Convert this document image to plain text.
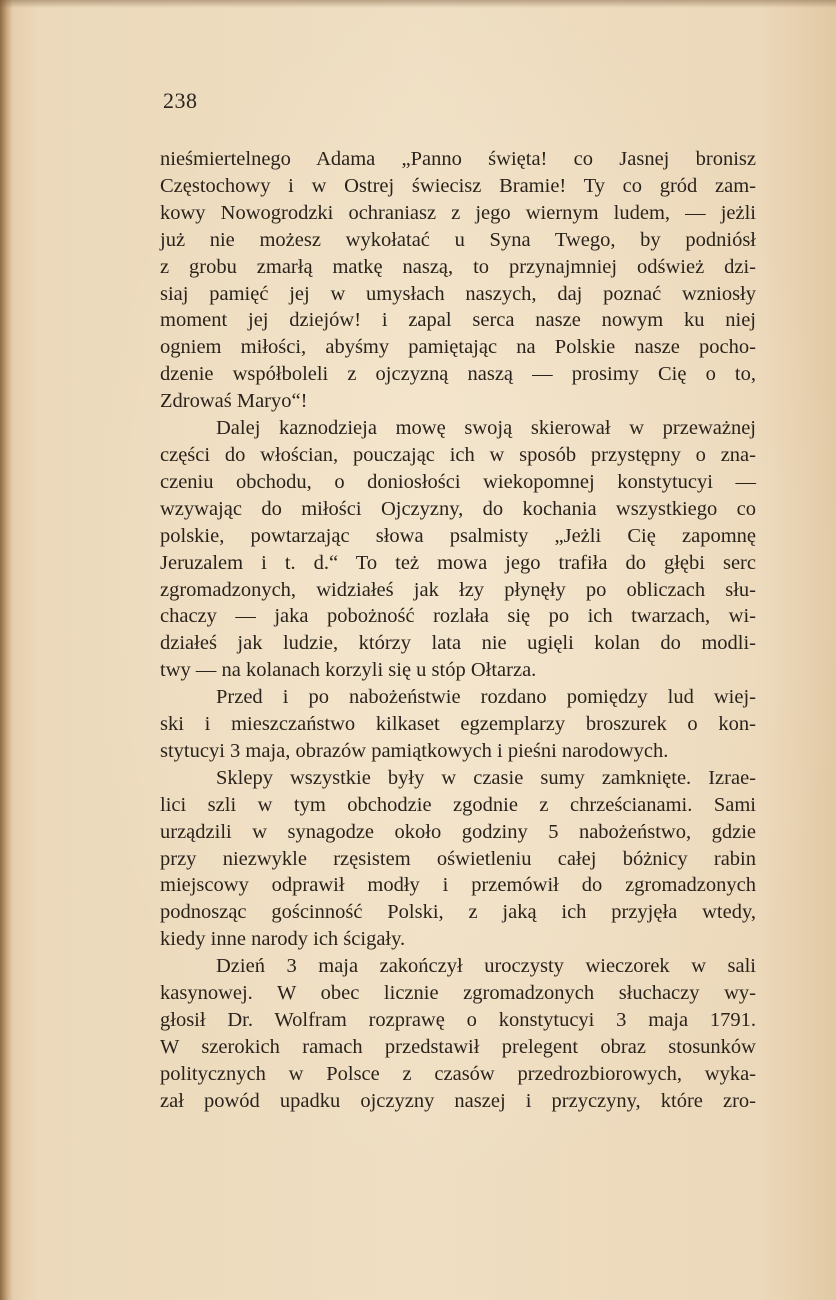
238
nieśmiertelnego Adama „Panno święta! co Jasnej bronisz
Częstochowy i w Ostrej świecisz Bramie! Ty co gród zam-
kowy Nowogrodzki ochraniasz z jego wiernym ludem, — jeżli
już nie możesz wykołatać u Syna Twego, by podniósł
z grobu zmarłą matkę naszą, to przynajmniej odśwież dzi-
siaj pamięć jej w umysłach naszych, daj poznać wzniosły
moment jej dziejów! i zapal serca nasze nowym ku niej
ogniem miłości, abyśmy pamiętając na Polskie nasze pocho-
dzenie współboleli z ojczyzną naszą — prosimy Cię o to,
Zdrowaś Maryo“!
Dalej kaznodzieja mowę swoją skierował w przeważnej
części do włościan, pouczając ich w sposób przystępny o zna-
czeniu obchodu, o doniosłości wiekopomnej konstytucyi —
wzywając do miłości Ojczyzny, do kochania wszystkiego co
polskie, powtarzając słowa psalmisty „Jeżli Cię zapomnę
Jeruzalem i t. d.“ To też mowa jego trafiła do głębi serc
zgromadzonych, widziałeś jak łzy płynęły po obliczach słu-
chaczy — jaka pobożność rozlała się po ich twarzach, wi-
działeś jak ludzie, którzy lata nie ugięli kolan do modli-
twy — na kolanach korzyli się u stóp Ołtarza.
Przed i po nabożeństwie rozdano pomiędzy lud wiej-
ski i mieszczaństwo kilkaset egzemplarzy broszurek o kon-
stytucyi 3 maja, obrazów pamiątkowych i pieśni narodowych.
Sklepy wszystkie były w czasie sumy zamknięte. Izrae-
lici szli w tym obchodzie zgodnie z chrześcianami. Sami
urządzili w synagodze około godziny 5 nabożeństwo, gdzie
przy niezwykle rzęsistem oświetleniu całej bóżnicy rabin
miejscowy odprawił modły i przemówił do zgromadzonych
podnosząc gościnność Polski, z jaką ich przyjęła wtedy,
kiedy inne narody ich ścigały.
Dzień 3 maja zakończył uroczysty wieczorek w sali
kasynowej. W obec licznie zgromadzonych słuchaczy wy-
głosił Dr. Wolfram rozprawę o konstytucyi 3 maja 1791.
W szerokich ramach przedstawił prelegent obraz stosunków
politycznych w Polsce z czasów przedrozbiorowych, wyka-
zał powód upadku ojczyzny naszej i przyczyny, które zro-
